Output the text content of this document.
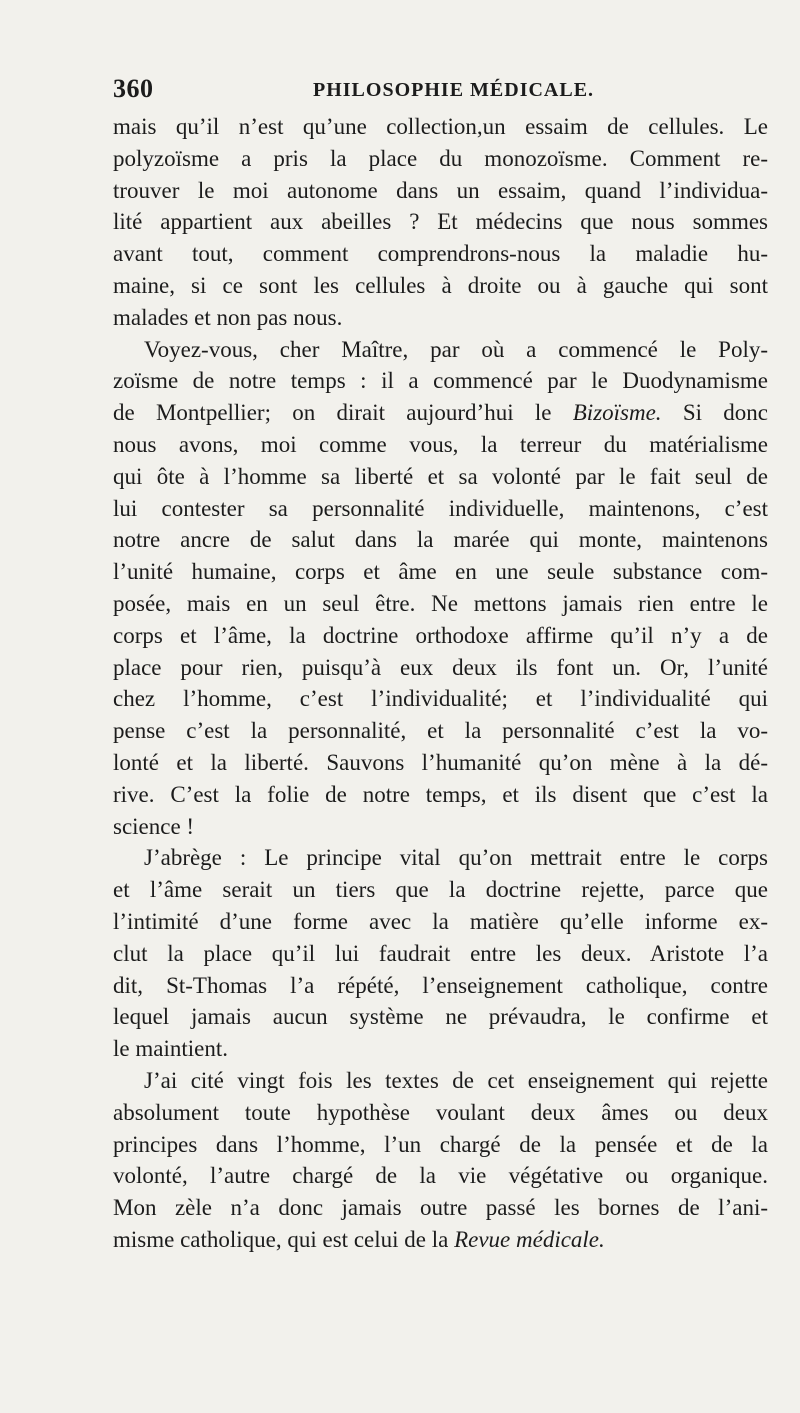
360	PHILOSOPHIE MÉDICALE.
mais qu’il n’est qu’une collection,un essaim de cellules. Le
polyzoïsme a pris la place du monozoïsme. Comment re-
trouver le moi autonome dans un essaim, quand l’individua-
lité appartient aux abeilles ? Et médecins que nous sommes
avant tout, comment comprendrons-nous la maladie hu-
maine, si ce sont les cellules à droite ou à gauche qui sont
malades et non pas nous.
Voyez-vous, cher Maître, par où a commencé le Poly-
zoïsme de notre temps : il a commencé par le Duodynamisme
de Montpellier; on dirait aujourd’hui le Bizoïsme. Si donc
nous avons, moi comme vous, la terreur du matérialisme
qui ôte à l’homme sa liberté et sa volonté par le fait seul de
lui contester sa personnalité individuelle, maintenons, c’est
notre ancre de salut dans la marée qui monte, maintenons
l’unité humaine, corps et âme en une seule substance com-
posée, mais en un seul être. Ne mettons jamais rien entre le
corps et l’âme, la doctrine orthodoxe affirme qu’il n’y a de
place pour rien, puisqu’à eux deux ils font un. Or, l’unité
chez l’homme, c’est l’individualité; et l’individualité qui
pense c’est la personnalité, et la personnalité c’est la vo-
lonté et la liberté. Sauvons l’humanité qu’on mène à la dé-
rive. C’est la folie de notre temps, et ils disent que c’est la
science !
J’abrège : Le principe vital qu’on mettrait entre le corps
et l’âme serait un tiers que la doctrine rejette, parce que
l’intimité d’une forme avec la matière qu’elle informe ex-
clut la place qu’il lui faudrait entre les deux. Aristote l’a
dit, St-Thomas l’a répété, l’enseignement catholique, contre
lequel jamais aucun système ne prévaudra, le confirme et
le maintient.
J’ai cité vingt fois les textes de cet enseignement qui rejette
absolument toute hypothèse voulant deux âmes ou deux
principes dans l’homme, l’un chargé de la pensée et de la
volonté, l’autre chargé de la vie végétative ou organique.
Mon zèle n’a donc jamais outre passé les bornes de l’ani-
misme catholique, qui est celui de la Revue médicale.
